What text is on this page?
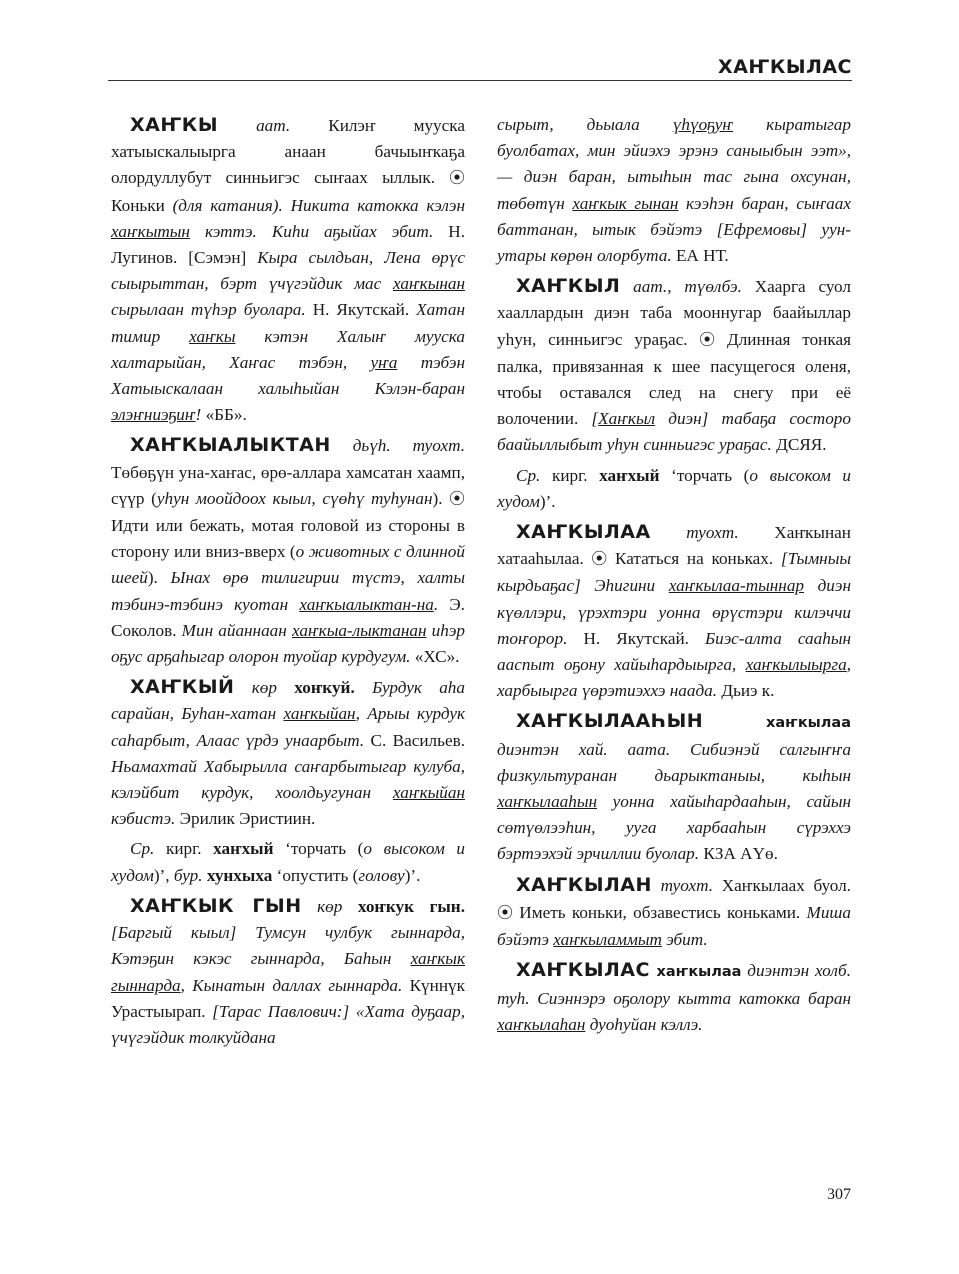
ХАҤКЫЛАС

ХАҤКЫ аат. Килэҥ мууска хатыыскалыырга анаан бачыыҥкаҕа олордуллубут синньигэс сыҥаах ыллык. ⦿ Коньки (для катания). Никита катокка кэлэн хаҥкытын кэттэ. Киһи аҕыйах эбит. Н. Лугинов. [Сэмэн] Кыра сылдьан, Лена өрүс сыырыттан, бэрт үчүгэйдик мас хаҥкынан сырылаан түһэр буолара. Н. Якутскай. Хатан тимир хаҥкы кэтэн Халыҥ мууска халтарыйан, Хаҥас тэбэн, уҥа тэбэн Хатыыскалаан халыһыйан Кэлэн-баран элэҥниэҕиҥ! «ББ».

ХАҤКЫАЛЫКТАН дьүһ. туохт. Төбөҕүн уна-хаҥас, өрө-аллара хамсатан хаамп, сүүр (уһун моойдоох кыыл, сүөһү туһунан). ⦿ Идти или бежать, мотая головой из стороны в сторону или вниз-вверх (о животных с длинной шеей). Ынах өрө тилигирии түстэ, халты тэбинэ-тэбинэ куотан хаҥкыалыктан-на. Э. Соколов. Мин айаннаан хаҥкыа-лыктанан иһэр оҕус арҕаһыгар олорон туойар курдугум. «ХС».

ХАҤКЫЙ көр хоҥкуй. Бурдук аһа сарайан, Буһан-хатан хаҥкыйан, Арыы курдук саһарбыт, Алаас үрдэ унаарбыт. С. Васильев. Ньамахтай Хабырылла саҥарбытыгар кулуба, кэлэйбит курдук, хоолдьугунан хаҥкыйан кэбистэ. Эрилик Эристиин.

Ср. кирг. хаҥхый ‘торчать (о высоком и худом)’, бур. хунхыха ‘опустить (голову)’.

ХАҤКЫК ГЫН көр хоҥкук гын. [Баргый кыыл] Тумсун чулбук гыннарда, Кэтэҕин кэкэс гыннарда, Баһын хаҥкык гыннарда, Кынатын даллах гыннарда. Күннүк Урастыырап. [Тарас Павлович:] «Хата дуҕаар, үчүгэйдик толкуйдана

сырыт, дьыала үһүоҕуҥ кыратыгар буолбатах, мин эйиэхэ эрэнэ саныыбын ээт», — диэн баран, ытыһын тас гына охсунан, төбөтүн хаҥкык гынан кээһэн баран, сыҥаах баттанан, ытык бэйэтэ [Ефремовы] уун-утары көрөн олорбута. ЕА НТ.

ХАҤКЫЛ аат., түөлбэ. Хаарга суол хааллардын диэн таба мооннугар баайыллар уһун, синньигэс ураҕас. ⦿ Длинная тонкая палка, привязанная к шее пасущегося оленя, чтобы оставался след на снегу при её волочении. [Хаҥкыл диэн] табаҕа состоро баайыллыбыт уһун синньигэс ураҕас. ДСЯЯ.

Ср. кирг. хаҥхый ‘торчать (о высоком и худом)’.

ХАҤКЫЛАА туохт. Хаҥкынан хатааһылаа. ⦿ Кататься на коньках. [Тымныы кырдьаҕас] Эһигини хаҥкылаа-тыннар диэн күөллэри, үрэхтэри уонна өрүстэри килэччи тоҥорор. Н. Якутскай. Биэс-алта сааһын ааспыт оҕону хайыһардыырга, хаҥкылыырга, харбыырга үөрэтиэххэ наада. Дьиэ к.

ХАҤКЫЛААҺЫН хаҥкылаа диэнтэн хай. аата. Сибиэнэй салгыҥҥа физкультуранан дьарыктаныы, кыһын хаҥкылааһын уонна хайыһардааһын, сайын сөтүөлээһин, ууга харбааһын сүрэххэ бэртээхэй эрчиллии буолар. КЗА АҮө.

ХАҤКЫЛАН туохт. Хаҥкылаах буол. ⦿ Иметь коньки, обзавестись коньками. Миша бэйэтэ хаҥкыламмыт эбит.

ХАҤКЫЛАС хаҥкылаа диэнтэн холб. туһ. Сиэннэрэ оҕолору кытта катокка баран хаҥкылаһан дуоһуйан кэллэ.

307
